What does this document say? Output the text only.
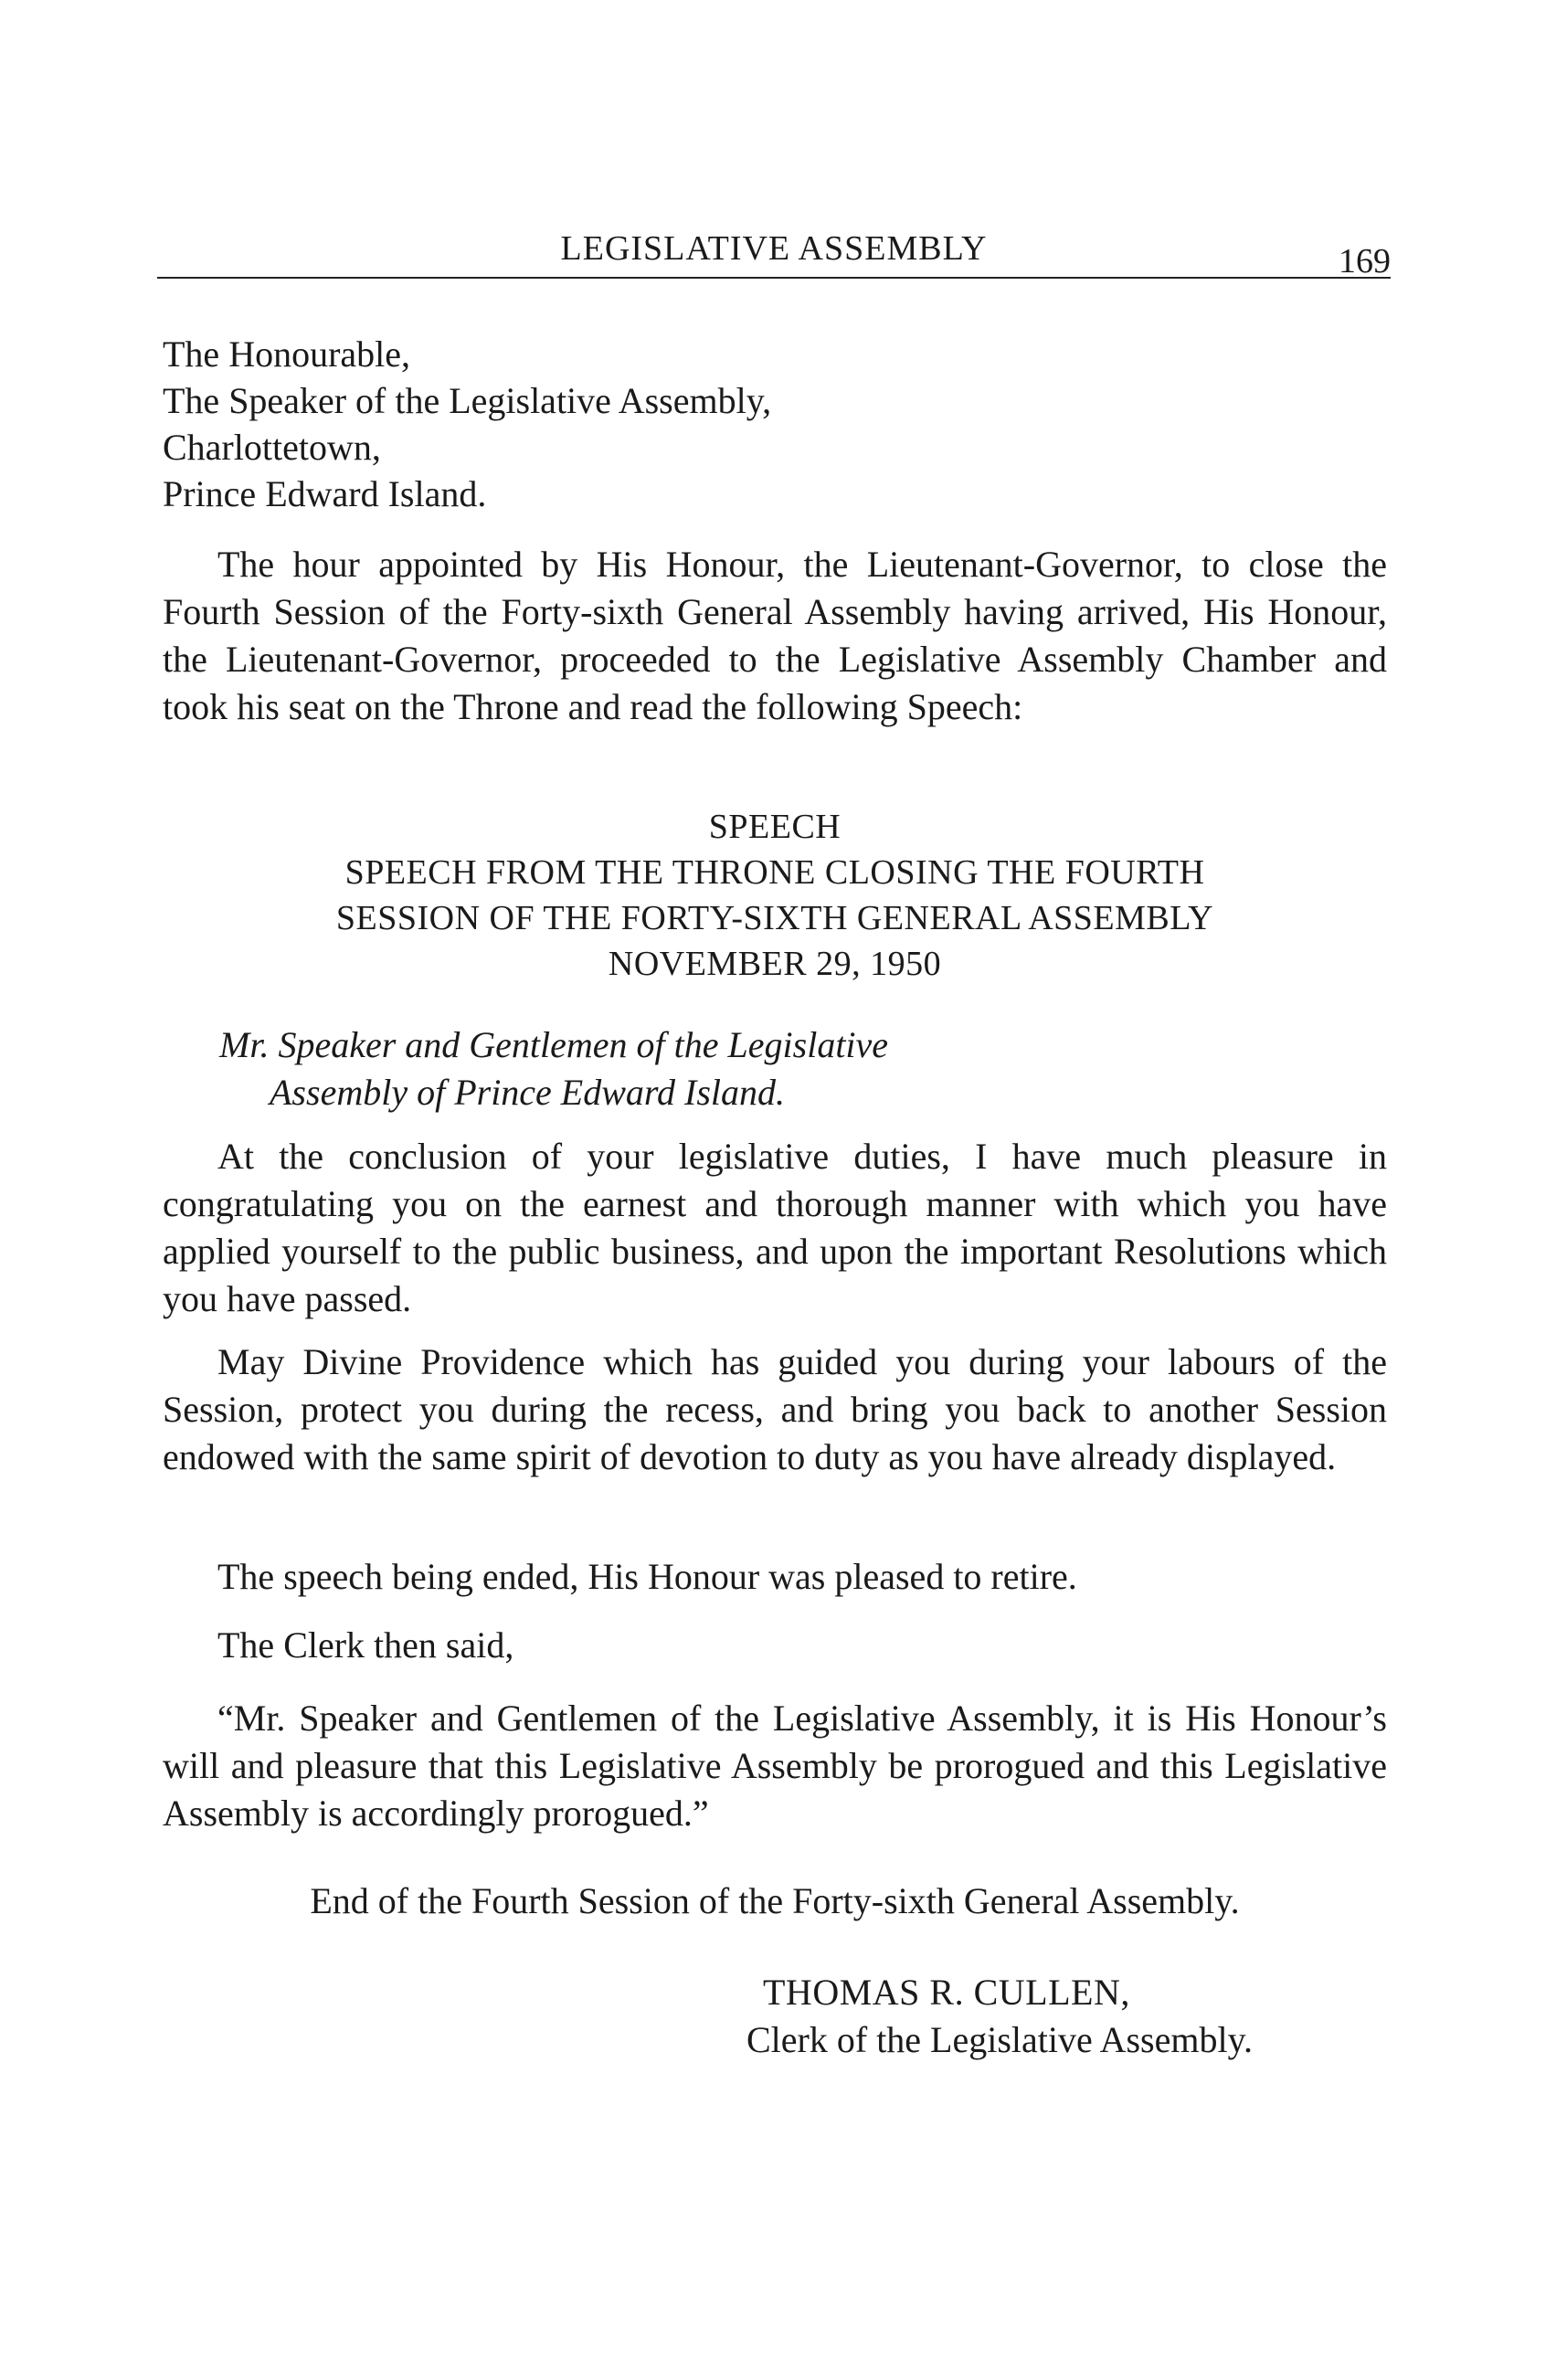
LEGISLATIVE ASSEMBLY	169
The Honourable,
The Speaker of the Legislative Assembly,
Charlottetown,
Prince Edward Island.
The hour appointed by His Honour, the Lieutenant-Governor, to close the Fourth Session of the Forty-sixth General Assembly having arrived, His Honour, the Lieutenant-Governor, proceeded to the Legislative Assembly Chamber and took his seat on the Throne and read the following Speech:
SPEECH
SPEECH FROM THE THRONE CLOSING THE FOURTH
SESSION OF THE FORTY-SIXTH GENERAL ASSEMBLY
NOVEMBER 29, 1950
Mr. Speaker and Gentlemen of the Legislative
Assembly of Prince Edward Island.
At the conclusion of your legislative duties, I have much pleasure in congratulating you on the earnest and thorough manner with which you have applied yourself to the public business, and upon the important Resolutions which you have passed.
May Divine Providence which has guided you during your labours of the Session, protect you during the recess, and bring you back to another Session endowed with the same spirit of devotion to duty as you have already displayed.
The speech being ended, His Honour was pleased to retire.
The Clerk then said,
“Mr. Speaker and Gentlemen of the Legislative Assembly, it is His Honour’s will and pleasure that this Legislative Assembly be prorogued and this Legislative Assembly is accordingly prorogued.”
End of the Fourth Session of the Forty-sixth General Assembly.
THOMAS R. CULLEN,
Clerk of the Legislative Assembly.
